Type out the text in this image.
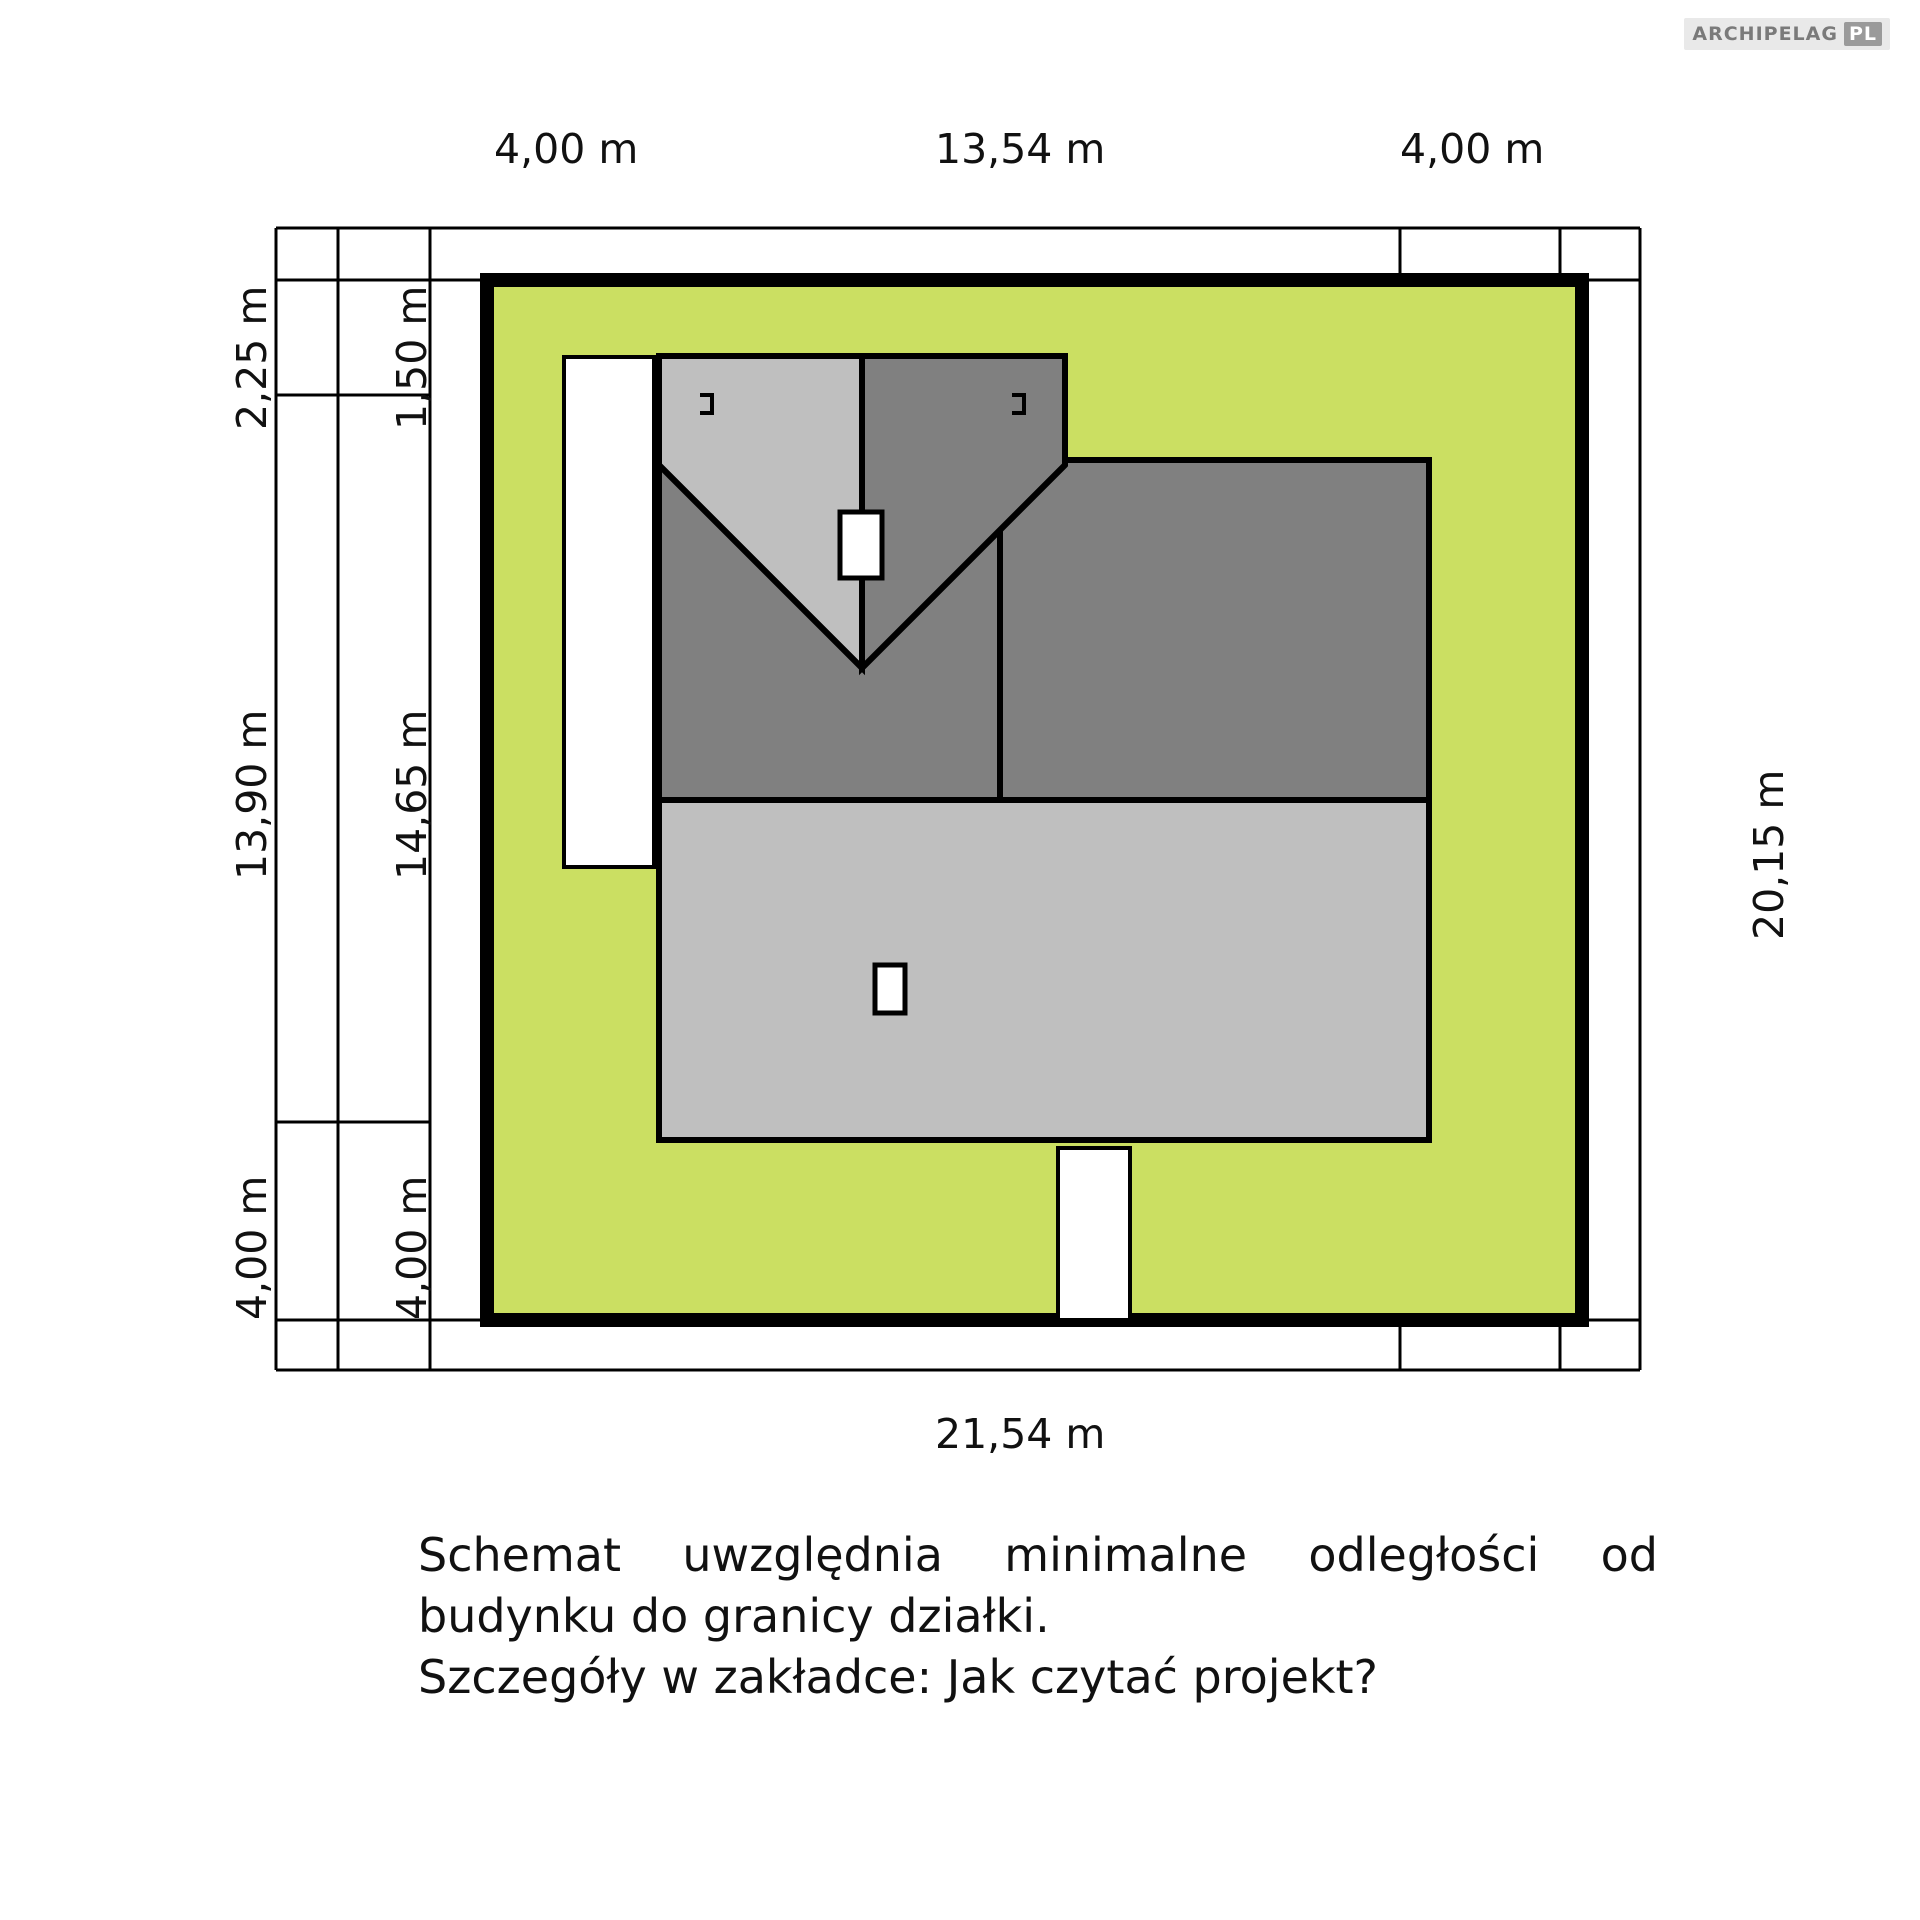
ARCHIPELAG PL
4,00 m	13,54 m	4,00 m
2,25 m
13,90 m
4,00 m
1,50 m
14,65 m
4,00 m
20,15 m
21,54 m
Schemat uwzględnia minimalne odległości od
budynku do granicy działki.
Szczegóły w zakładce: Jak czytać projekt?
